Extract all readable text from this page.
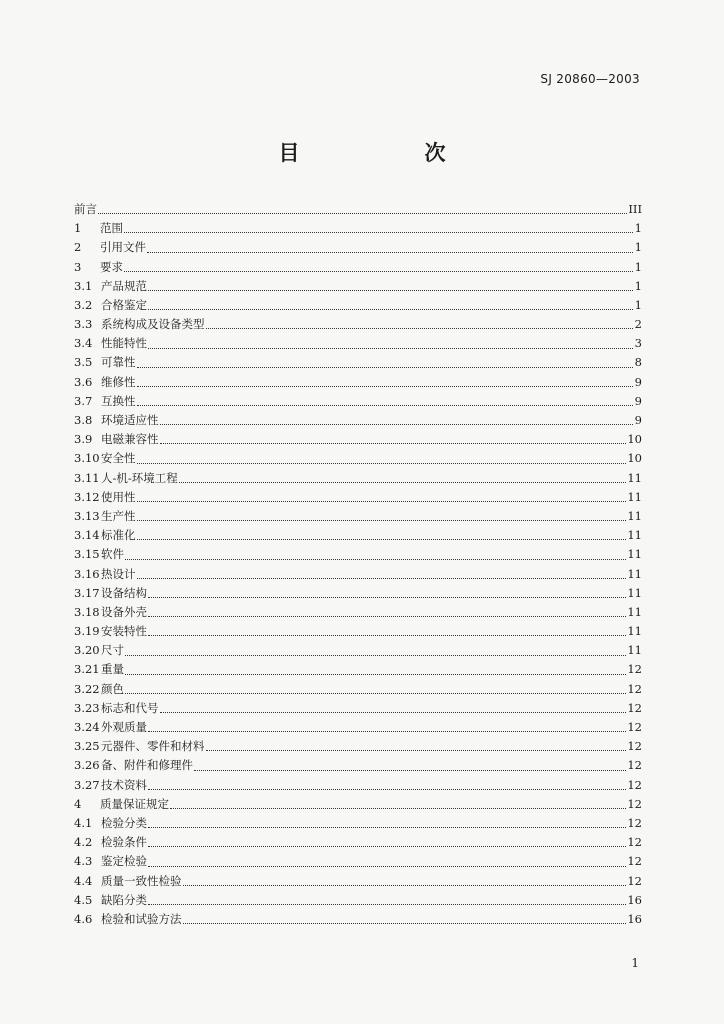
SJ 20860—2003
目　次
前言	III
1	范围	1
2	引用文件	1
3	要求	1
3.1 产品规范	1
3.2 合格鉴定	1
3.3 系统构成及设备类型	2
3.4 性能特性	3
3.5 可靠性	8
3.6 维修性	9
3.7 互换性	9
3.8 环境适应性	9
3.9 电磁兼容性	10
3.10 安全性	10
3.11 人-机-环境工程	11
3.12 使用性	11
3.13 生产性	11
3.14 标准化	11
3.15 软件	11
3.16 热设计	11
3.17 设备结构	11
3.18 设备外壳	11
3.19 安装特性	11
3.20 尺寸	11
3.21 重量	12
3.22 颜色	12
3.23 标志和代号	12
3.24 外观质量	12
3.25 元器件、零件和材料	12
3.26 备、附件和修理件	12
3.27 技术资料	12
4	质量保证规定	12
4.1 检验分类	12
4.2 检验条件	12
4.3 鉴定检验	12
4.4 质量一致性检验	12
4.5 缺陷分类	16
4.6 检验和试验方法	16
1
